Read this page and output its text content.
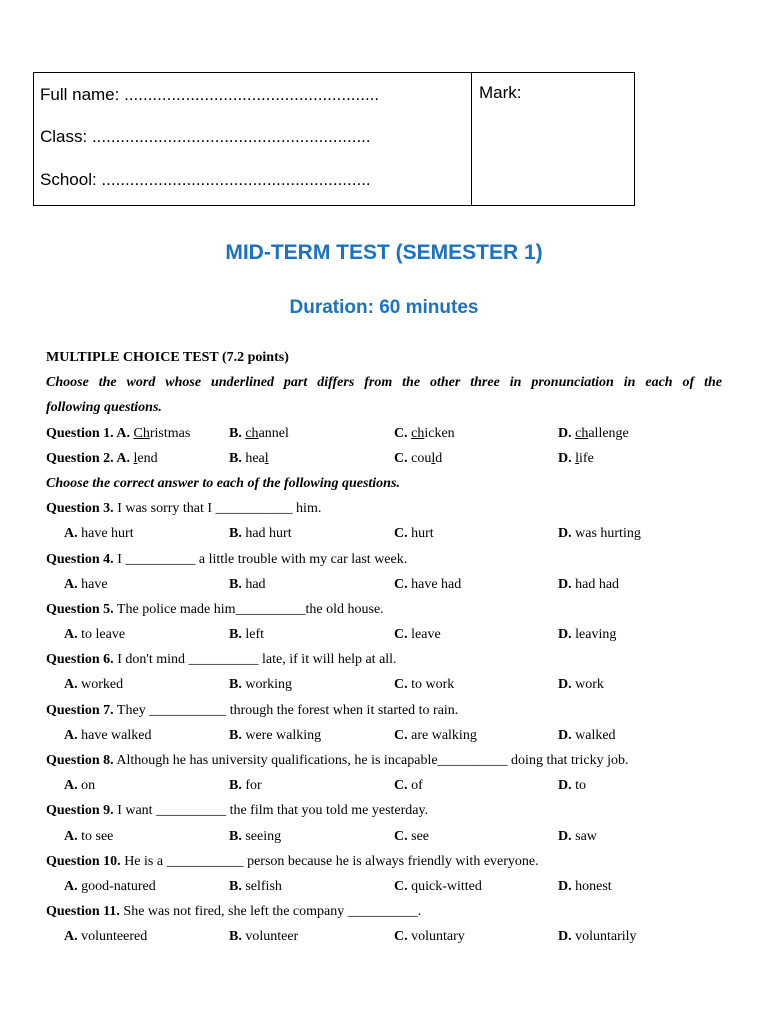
Full name: ......................................................
Class: ...........................................................
School: .........................................................
Mark:
MID-TERM TEST (SEMESTER 1)
Duration: 60 minutes
MULTIPLE CHOICE TEST (7.2 points)
Choose the word whose underlined part differs from the other three in pronunciation in each of the
following questions.
Question 1. A. Christmas	B. channel	C. chicken	D. challenge
Question 2. A. lend	B. heal	C. could	D. life
Choose the correct answer to each of the following questions.
Question 3. I was sorry that I ___________ him.
A. have hurt	B. had hurt	C. hurt	D. was hurting
Question 4. I __________ a little trouble with my car last week.
A. have	B. had	C. have had	D. had had
Question 5. The police made him__________the old house.
A. to leave	B. left	C. leave	D. leaving
Question 6. I don't mind __________ late, if it will help at all.
A. worked	B. working	C. to work	D. work
Question 7. They ___________ through the forest when it started to rain.
A. have walked	B. were walking	C. are walking	D. walked
Question 8. Although he has university qualifications, he is incapable__________ doing that tricky job.
A. on	B. for	C. of	D. to
Question 9. I want __________ the film that you told me yesterday.
A. to see	B. seeing	C. see	D. saw
Question 10. He is a ___________ person because he is always friendly with everyone.
A. good-natured	B. selfish	C. quick-witted	D. honest
Question 11. She was not fired, she left the company __________.
A. volunteered	B. volunteer	C. voluntary	D. voluntarily
